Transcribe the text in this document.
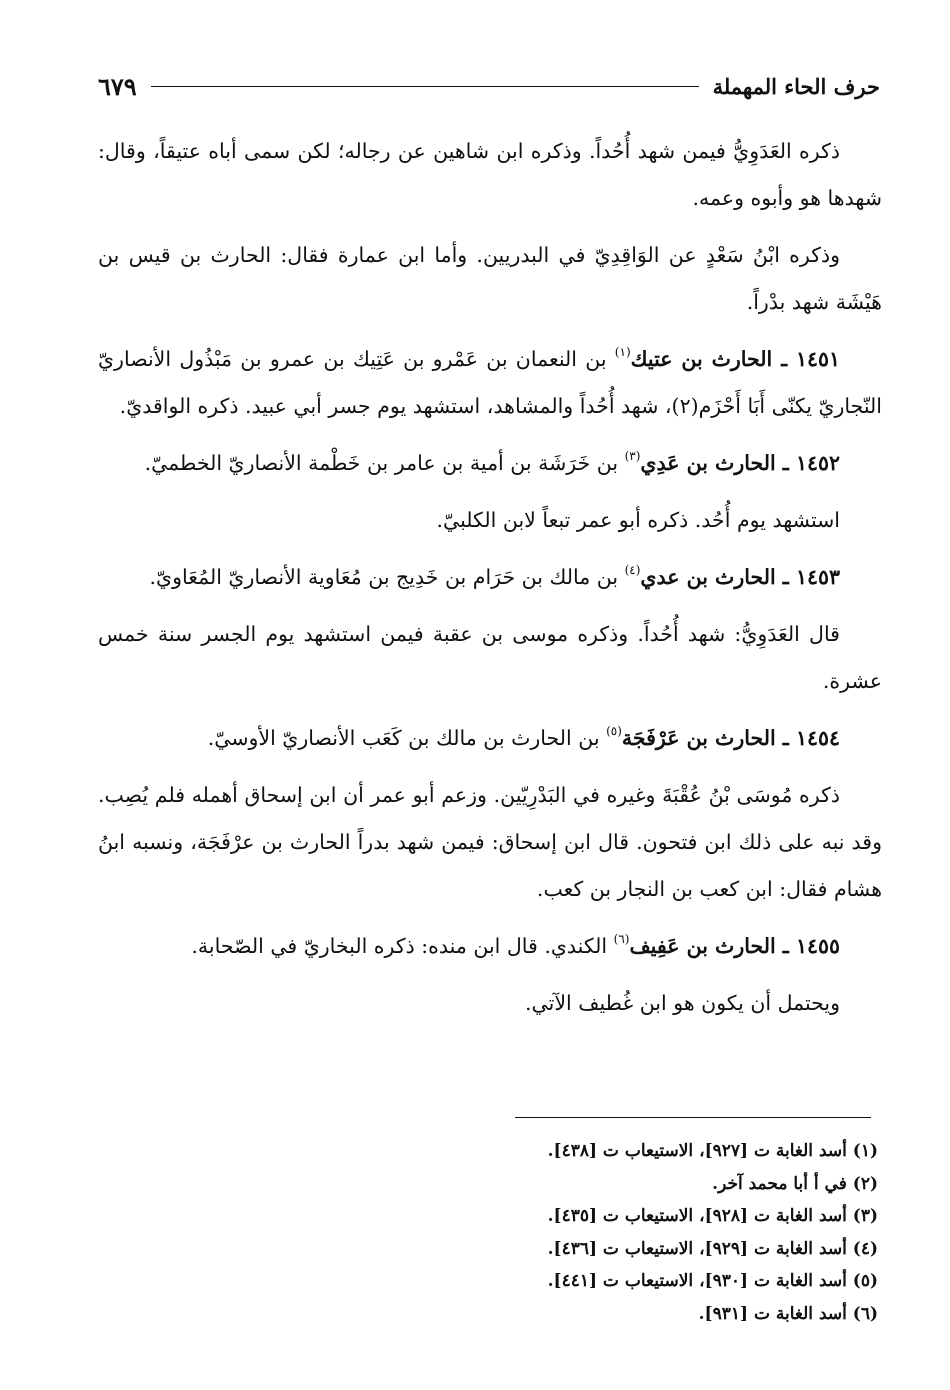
حرف الحاء المهملة
٦٧٩

ذكره العَدَوِيُّ فيمن شهد أُحُداً. وذكره ابن شاهين عن رجاله؛ لكن سمى أباه عتيقاً، وقال: شهدها هو وأبوه وعمه.

وذكره ابْنُ سَعْدٍ عن الوَاقِدِيّ في البدريين. وأما ابن عمارة فقال: الحارث بن قيس بن هَيْشَة شهد بدْراً.

١٤٥١ ـ الحارث بن عتيك$^{(١)}$ بن النعمان بن عَمْرو بن عَتِيك بن عمرو بن مَبْذُول الأنصاريّ النّجاريّ يكنّى أَبَا أَحْزَم(٢)، شهد أُحُداً والمشاهد، استشهد يوم جسر أبي عبيد. ذكره الواقديّ.

١٤٥٢ ـ الحارث بن عَدِي$^{(٣)}$ بن خَرَشَة بن أمية بن عامر بن خَطْمة الأنصاريّ الخطميّ.

استشهد يوم أُحُد. ذكره أبو عمر تبعاً لابن الكلبيّ.

١٤٥٣ ـ الحارث بن عدي$^{(٤)}$ بن مالك بن حَرَام بن خَدِيج بن مُعَاوية الأنصاريّ المُعَاويّ.

قال العَدَوِيُّ: شهد أُحُداً. وذكره موسى بن عقبة فيمن استشهد يوم الجسر سنة خمس عشرة.

١٤٥٤ ـ الحارث بن عَرْفَجَة$^{(٥)}$ بن الحارث بن مالك بن كَعَب الأنصاريّ الأوسيّ.

ذكره مُوسَى بْنُ عُقْبَةَ وغيره في البَدْرِيّين. وزعم أبو عمر أن ابن إسحاق أهمله فلم يُصِب. وقد نبه على ذلك ابن فتحون. قال ابن إسحاق: فيمن شهد بدراً الحارث بن عرْفَجَة، ونسبه ابنُ هشام فقال: ابن كعب بن النجار بن كعب.

١٤٥٥ ـ الحارث بن عَفِيف$^{(٦)}$ الكندي. قال ابن منده: ذكره البخاريّ في الصّحابة.

ويحتمل أن يكون هو ابن غُطيف الآتي.

(١) أسد الغابة ت [٩٢٧]، الاستيعاب ت [٤٣٨].
(٢) في أ أبا محمد آخر.
(٣) أسد الغابة ت [٩٢٨]، الاستيعاب ت [٤٣٥].
(٤) أسد الغابة ت [٩٢٩]، الاستيعاب ت [٤٣٦].
(٥) أسد الغابة ت [٩٣٠]، الاستيعاب ت [٤٤١].
(٦) أسد الغابة ت [٩٣١].
